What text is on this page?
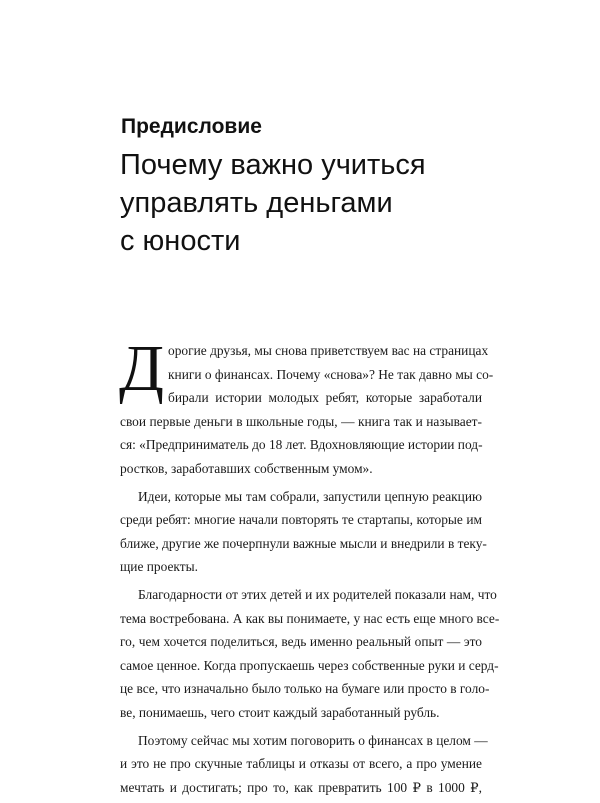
Предисловие
Почему важно учиться
управлять деньгами
с юности
Д орогие друзья, мы снова приветствуем вас на страницах
книги о финансах. Почему «снова»? Не так давно мы со-
бирали истории молодых ребят, которые заработали
свои первые деньги в школьные годы, — книга так и называет-
ся: «Предприниматель до 18 лет. Вдохновляющие истории под-
ростков, заработавших собственным умом».
Идеи, которые мы там собрали, запустили цепную реакцию
среди ребят: многие начали повторять те стартапы, которые им
ближе, другие же почерпнули важные мысли и внедрили в теку-
щие проекты.
Благодарности от этих детей и их родителей показали нам, что
тема востребована. А как вы понимаете, у нас есть еще много все-
го, чем хочется поделиться, ведь именно реальный опыт — это
самое ценное. Когда пропускаешь через собственные руки и серд-
це все, что изначально было только на бумаге или просто в голо-
ве, понимаешь, чего стоит каждый заработанный рубль.
Поэтому сейчас мы хотим поговорить о финансах в целом —
и это не про скучные таблицы и отказы от всего, а про умение
мечтать и достигать; про то, как превратить 100 ₽ в 1000 ₽,
